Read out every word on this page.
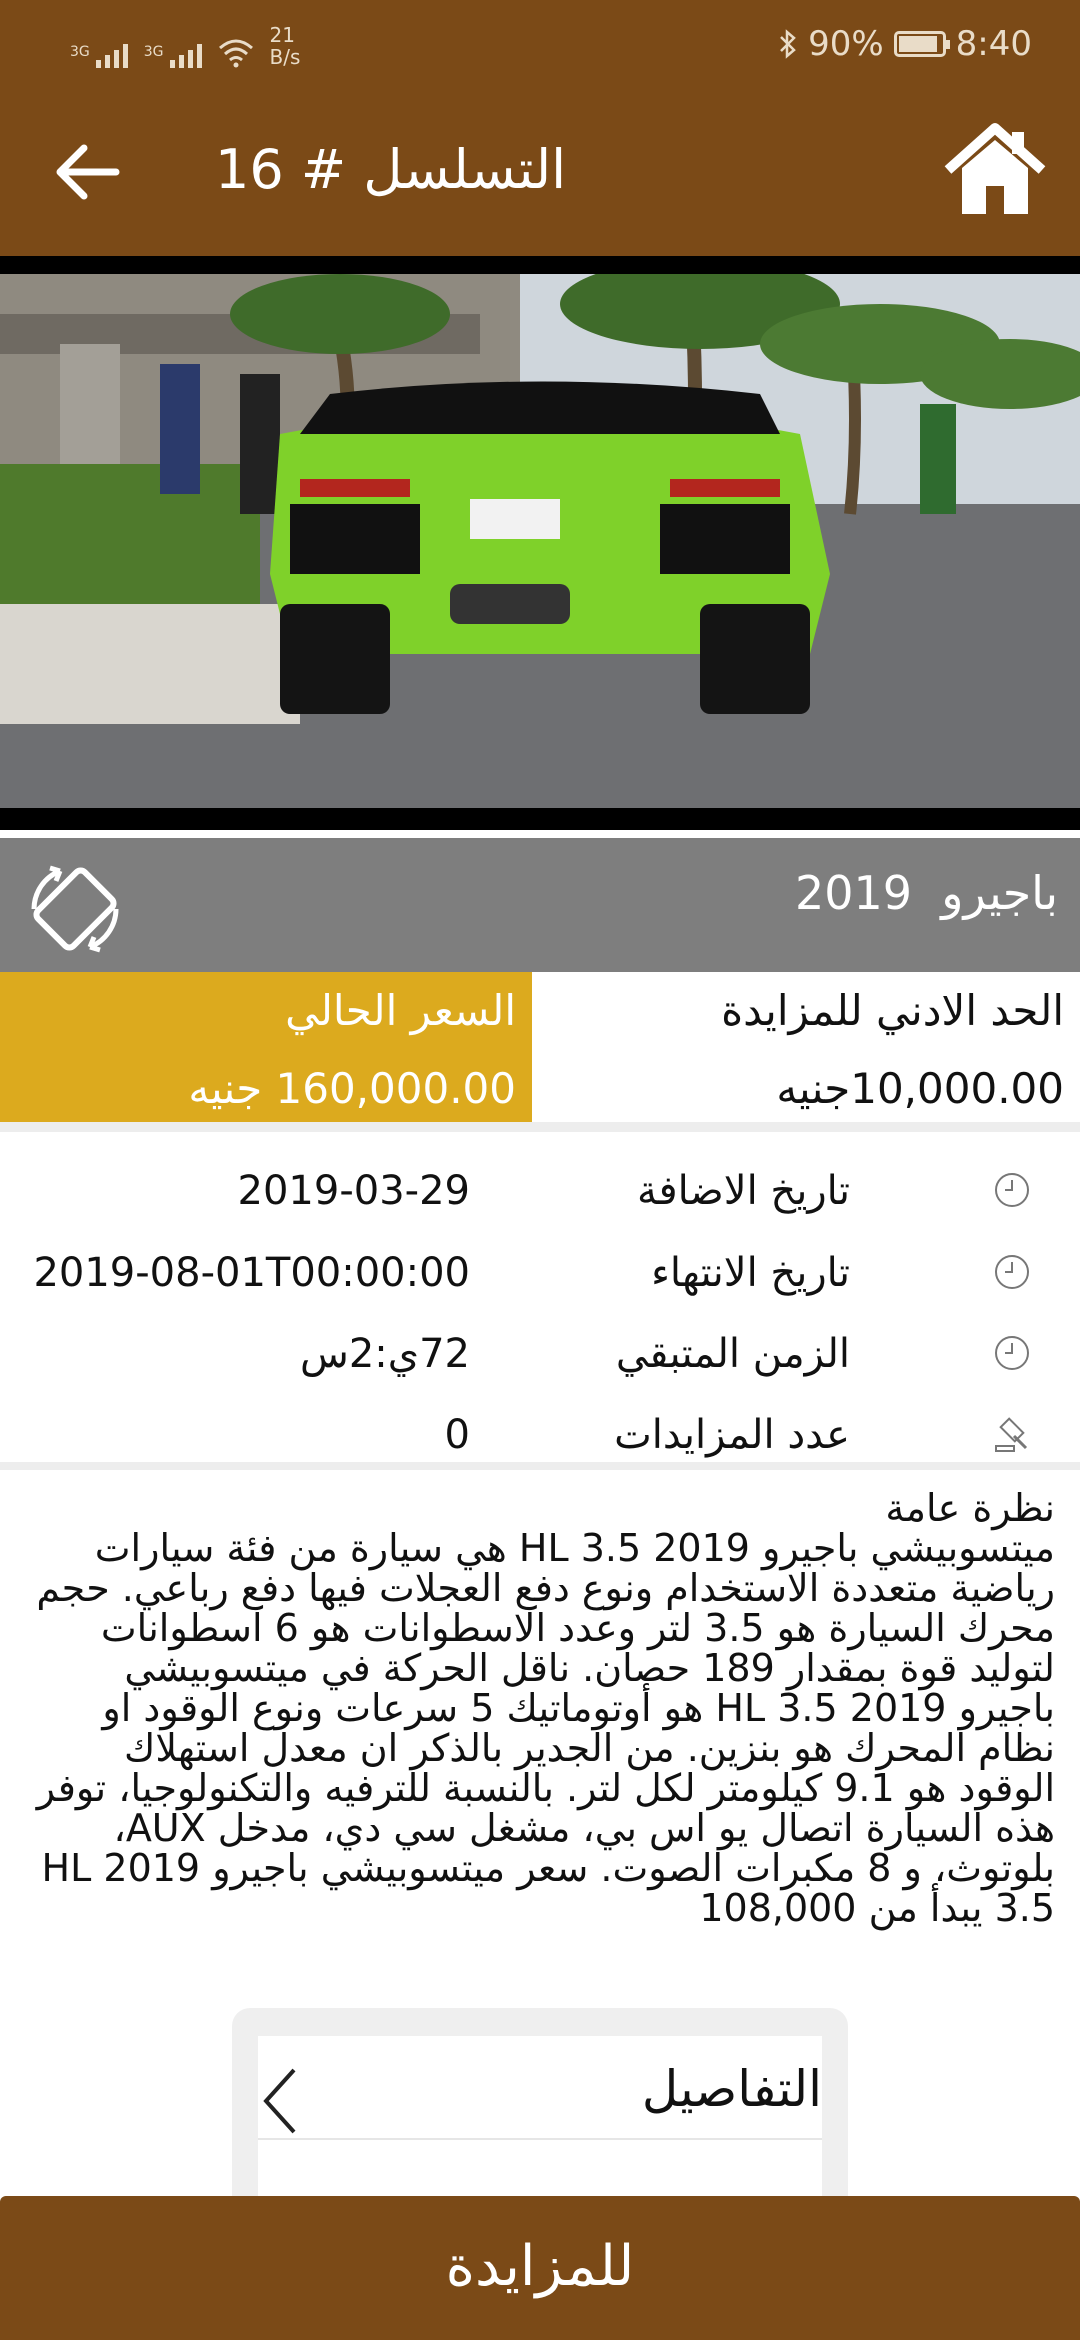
3G	3G
21
B/s	90% 8:40
التسلسل # 16
باجيرو  2019
السعر الحالي
160,000.00 جنيه
الحد الادني للمزايدة
10,000.00جنيه
تاريخ الاضافة
2019-03-29
تاريخ الانتهاء
2019-08-01T00:00:00
الزمن المتبقي
72ي:2س
عدد المزايدات
0
نظرة عامة
ميتسوبيشي باجيرو 2019 HL 3.5 هي سيارة من فئة سيارات رياضية متعددة الاستخدام ونوع دفع العجلات فيها دفع رباعي. حجم محرك السيارة هو 3.5 لتر وعدد الاسطوانات هو 6 اسطوانات لتوليد قوة بمقدار 189 حصان. ناقل الحركة في ميتسوبيشي باجيرو 2019 HL 3.5 هو أوتوماتيك 5 سرعات ونوع الوقود او نظام المحرك هو بنزين. من الجدير بالذكر ان معدل استهلاك الوقود هو 9.1 كيلومتر لكل لتر. بالنسبة للترفيه والتكنولوجيا، توفر هذه السيارة اتصال يو اس بي، مشغل سي دي، مدخل AUX، بلوتوث، و 8 مكبرات الصوت. سعر ميتسوبيشي باجيرو 2019 HL 3.5 يبدأ من 108,000
التفاصيل
للمزايدة
